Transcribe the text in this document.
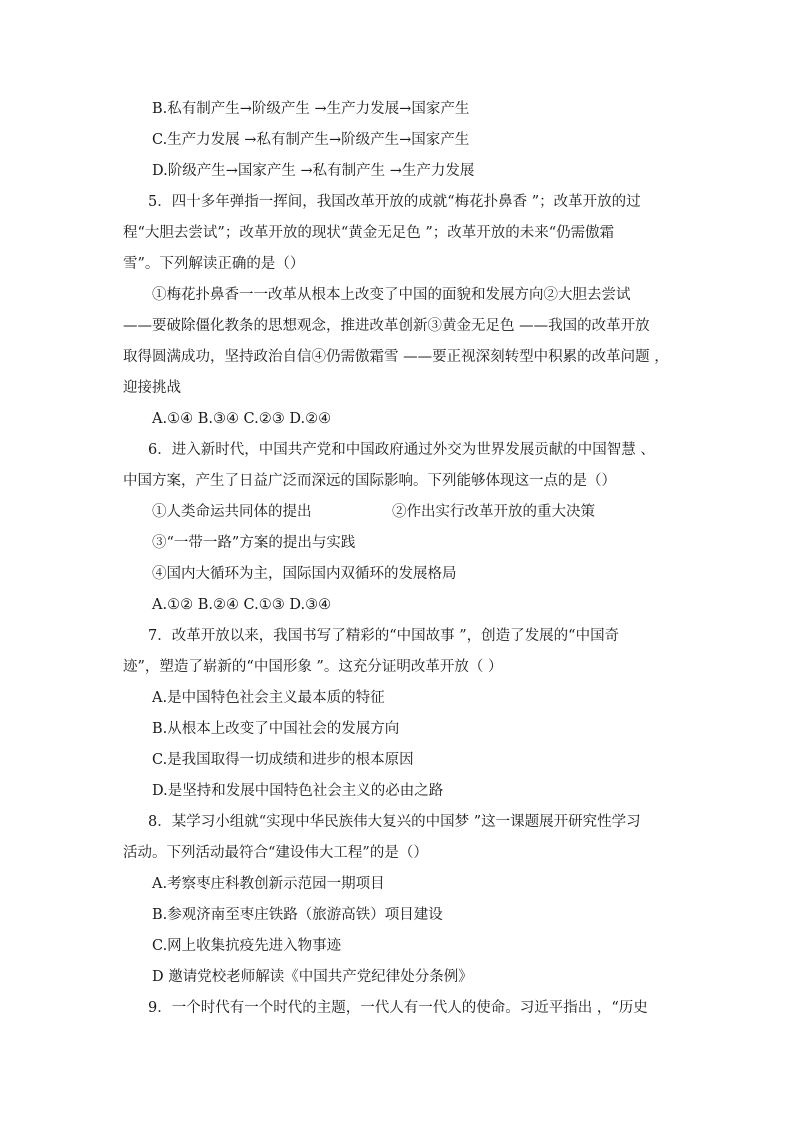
B.私有制产生→阶级产生 →生产力发展→国家产生

C.生产力发展 →私有制产生→阶级产生→国家产生

D.阶级产生→国家产生 →私有制产生 →生产力发展

5．四十多年弹指一挥间，我国改革开放的成就“梅花扑鼻香 ”；改革开放的过

程“大胆去尝试”；改革开放的现状“黄金无足色 ”；改革开放的未来“仍需傲霜

雪”。下列解读正确的是（）

①梅花扑鼻香一一改革从根本上改变了中国的面貌和发展方向②大胆去尝试

——要破除僵化教条的思想观念，推进改革创新③黄金无足色 ——我国的改革开放

取得圆满成功，坚持政治自信④仍需傲霜雪 ——要正视深刻转型中积累的改革问题 ，

迎接挑战

A.①④ B.③④ C.②③ D.②④

6．进入新时代，中国共产党和中国政府通过外交为世界发展贡献的中国智慧 、

中国方案，产生了日益广泛而深远的国际影响。下列能够体现这一点的是（）

①人类命运共同体的提出	②作出实行改革开放的重大决策

③“一带一路”方案的提出与实践

④国内大循环为主，国际国内双循环的发展格局

A.①② B.②④ C.①③ D.③④

7．改革开放以来，我国书写了精彩的“中国故事 ”，创造了发展的“中国奇

迹”，塑造了崭新的“中国形象 ”。这充分证明改革开放（ ）

A.是中国特色社会主义最本质的特征

B.从根本上改变了中国社会的发展方向

C.是我国取得一切成绩和进步的根本原因

D.是坚持和发展中国特色社会主义的必由之路

8．某学习小组就“实现中华民族伟大复兴的中国梦 ”这一课题展开研究性学习

活动。下列活动最符合“建设伟大工程”的是（）

A.考察枣庄科教创新示范园一期项目

B.参观济南至枣庄铁路（旅游高铁）项目建设

C.网上收集抗疫先进入物事迹

D 邀请党校老师解读《中国共产党纪律处分条例》

9．一个时代有一个时代的主题，一代人有一代人的使命。习近平指出 ，“历史
